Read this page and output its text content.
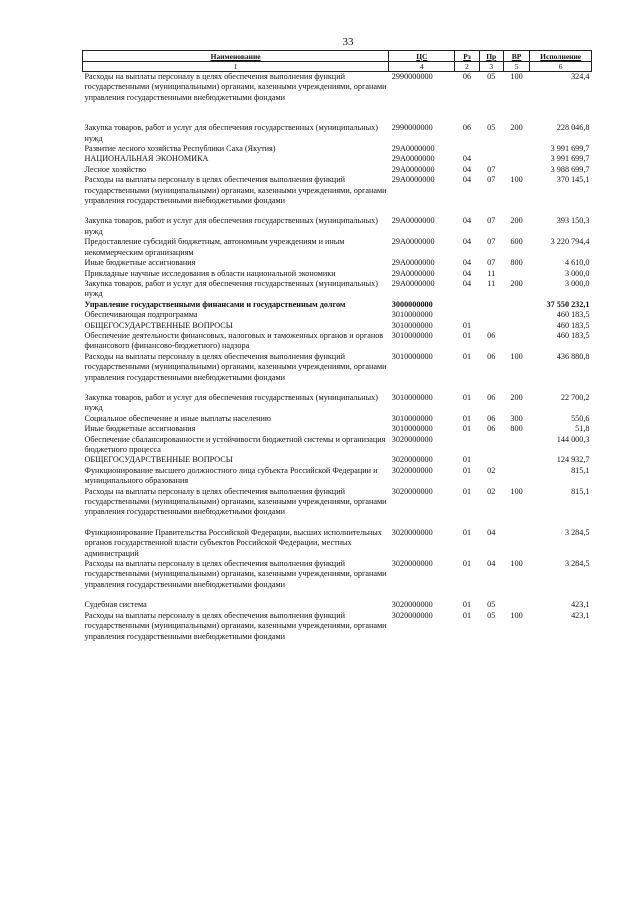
33
Наименование	ЦС	Рз	Пр	ВР	Исполнение
1	4	2	3	5	6
Расходы на выплаты персоналу в целях обеспечения выполнения функций государственными (муниципальными) органами, казенными учреждениями, органами управления государственными внебюджетными фондами	2990000000	06	05	100	324,4

Закупка товаров, работ и услуг для обеспечения государственных (муниципальных) нужд	2990000000	06	05	200	228 046,8
Развитие лесного хозяйства Республики Саха (Якутия)	29А0000000				3 991 699,7
НАЦИОНАЛЬНАЯ ЭКОНОМИКА	29А0000000	04			3 991 699,7
Лесное хозяйство	29А0000000	04	07		3 988 699,7
Расходы на выплаты персоналу в целях обеспечения выполнения функций государственными (муниципальными) органами, казенными учреждениями, органами управления государственными внебюджетными фондами	29А0000000	04	07	100	370 145,1

Закупка товаров, работ и услуг для обеспечения государственных (муниципальных) нужд	29А0000000	04	07	200	393 150,3
Предоставление субсидий бюджетным, автономным учреждениям и иным некоммерческим организациям	29А0000000	04	07	600	3 220 794,4
Иные бюджетные ассигнования	29А0000000	04	07	800	4 610,0
Прикладные научные исследования в области национальной экономики	29А0000000	04	11		3 000,0
Закупка товаров, работ и услуг для обеспечения государственных (муниципальных) нужд	29А0000000	04	11	200	3 000,0
Управление государственными финансами и государственным долгом	3000000000				37 550 232,1
Обеспечивающая подпрограмма	3010000000				460 183,5
ОБЩЕГОСУДАРСТВЕННЫЕ ВОПРОСЫ	3010000000	01			460 183,5
Обеспечение деятельности финансовых, налоговых и таможенных органов и органов финансового (финансово-бюджетного) надзора	3010000000	01	06		460 183,5
Расходы на выплаты персоналу в целях обеспечения выполнения функций государственными (муниципальными) органами, казенными учреждениями, органами управления государственными внебюджетными фондами	3010000000	01	06	100	436 880,8

Закупка товаров, работ и услуг для обеспечения государственных (муниципальных) нужд	3010000000	01	06	200	22 700,2
Социальное обеспечение и иные выплаты населению	3010000000	01	06	300	550,6
Иные бюджетные ассигнования	3010000000	01	06	800	51,8
Обеспечение сбалансированности и устойчивости бюджетной системы и организация бюджетного процесса	3020000000				144 000,3
ОБЩЕГОСУДАРСТВЕННЫЕ ВОПРОСЫ	3020000000	01			124 932,7
Функционирование высшего должностного лица субъекта Российской Федерации и муниципального образования	3020000000	01	02		815,1
Расходы на выплаты персоналу в целях обеспечения выполнения функций государственными (муниципальными) органами, казенными учреждениями, органами управления государственными внебюджетными фондами	3020000000	01	02	100	815,1

Функционирование Правительства Российской Федерации, высших исполнительных органов государственной власти субъектов Российской Федерации, местных администраций	3020000000	01	04		3 284,5
Расходы на выплаты персоналу в целях обеспечения выполнения функций государственными (муниципальными) органами, казенными учреждениями, органами управления государственными внебюджетными фондами	3020000000	01	04	100	3 284,5

Судебная система	3020000000	01	05		423,1
Расходы на выплаты персоналу в целях обеспечения выполнения функций государственными (муниципальными) органами, казенными учреждениями, органами управления государственными внебюджетными фондами	3020000000	01	05	100	423,1
